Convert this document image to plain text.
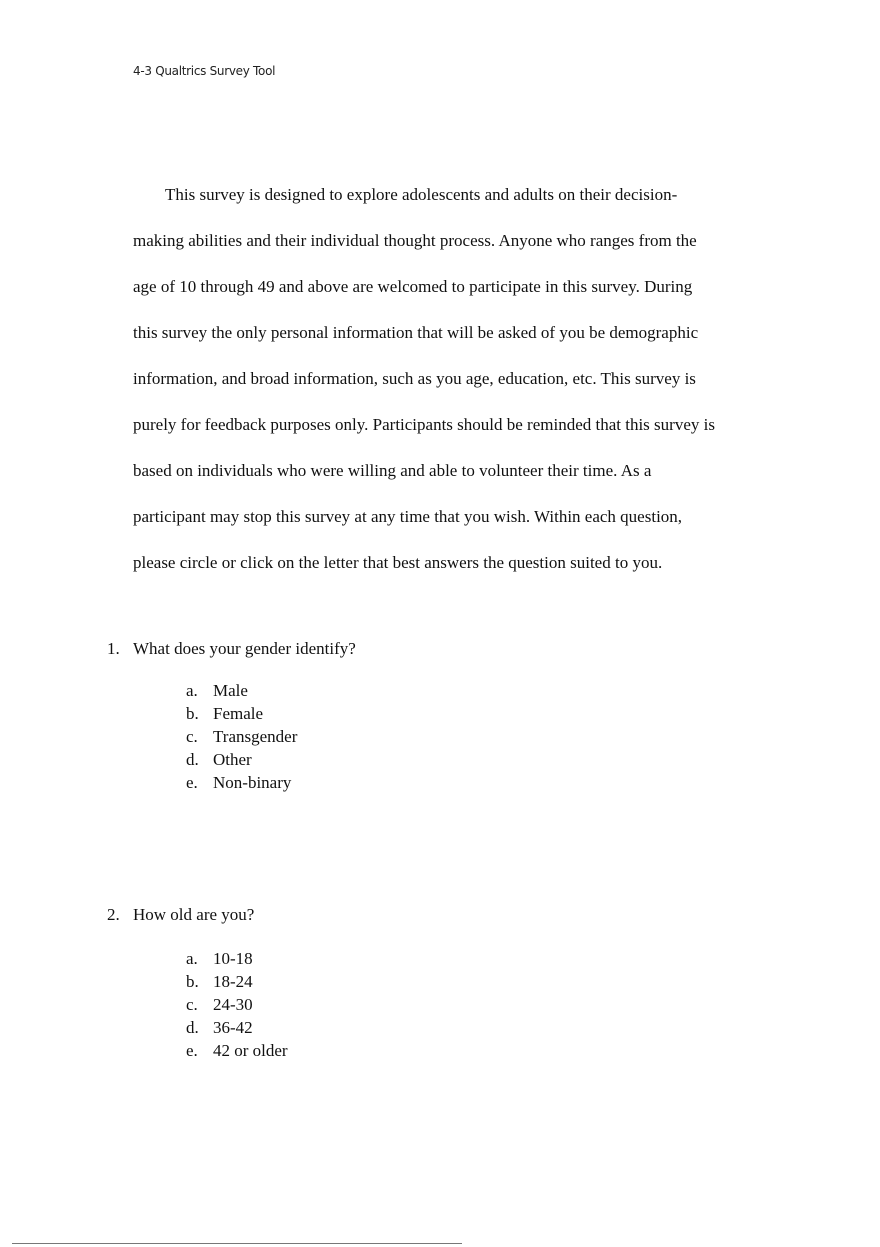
4-3 Qualtrics Survey Tool
This survey is designed to explore adolescents and adults on their decision-
making abilities and their individual thought process. Anyone who ranges from the
age of 10 through 49 and above are welcomed to participate in this survey. During
this survey the only personal information that will be asked of you be demographic
information, and broad information, such as you age, education, etc. This survey is
purely for feedback purposes only. Participants should be reminded that this survey is
based on individuals who were willing and able to volunteer their time. As a
participant may stop this survey at any time that you wish. Within each question,
please circle or click on the letter that best answers the question suited to you.
1. What does your gender identify?
a. Male
b. Female
c. Transgender
d. Other
e. Non-binary
2. How old are you?
a. 10-18
b. 18-24
c. 24-30
d. 36-42
e. 42 or older
